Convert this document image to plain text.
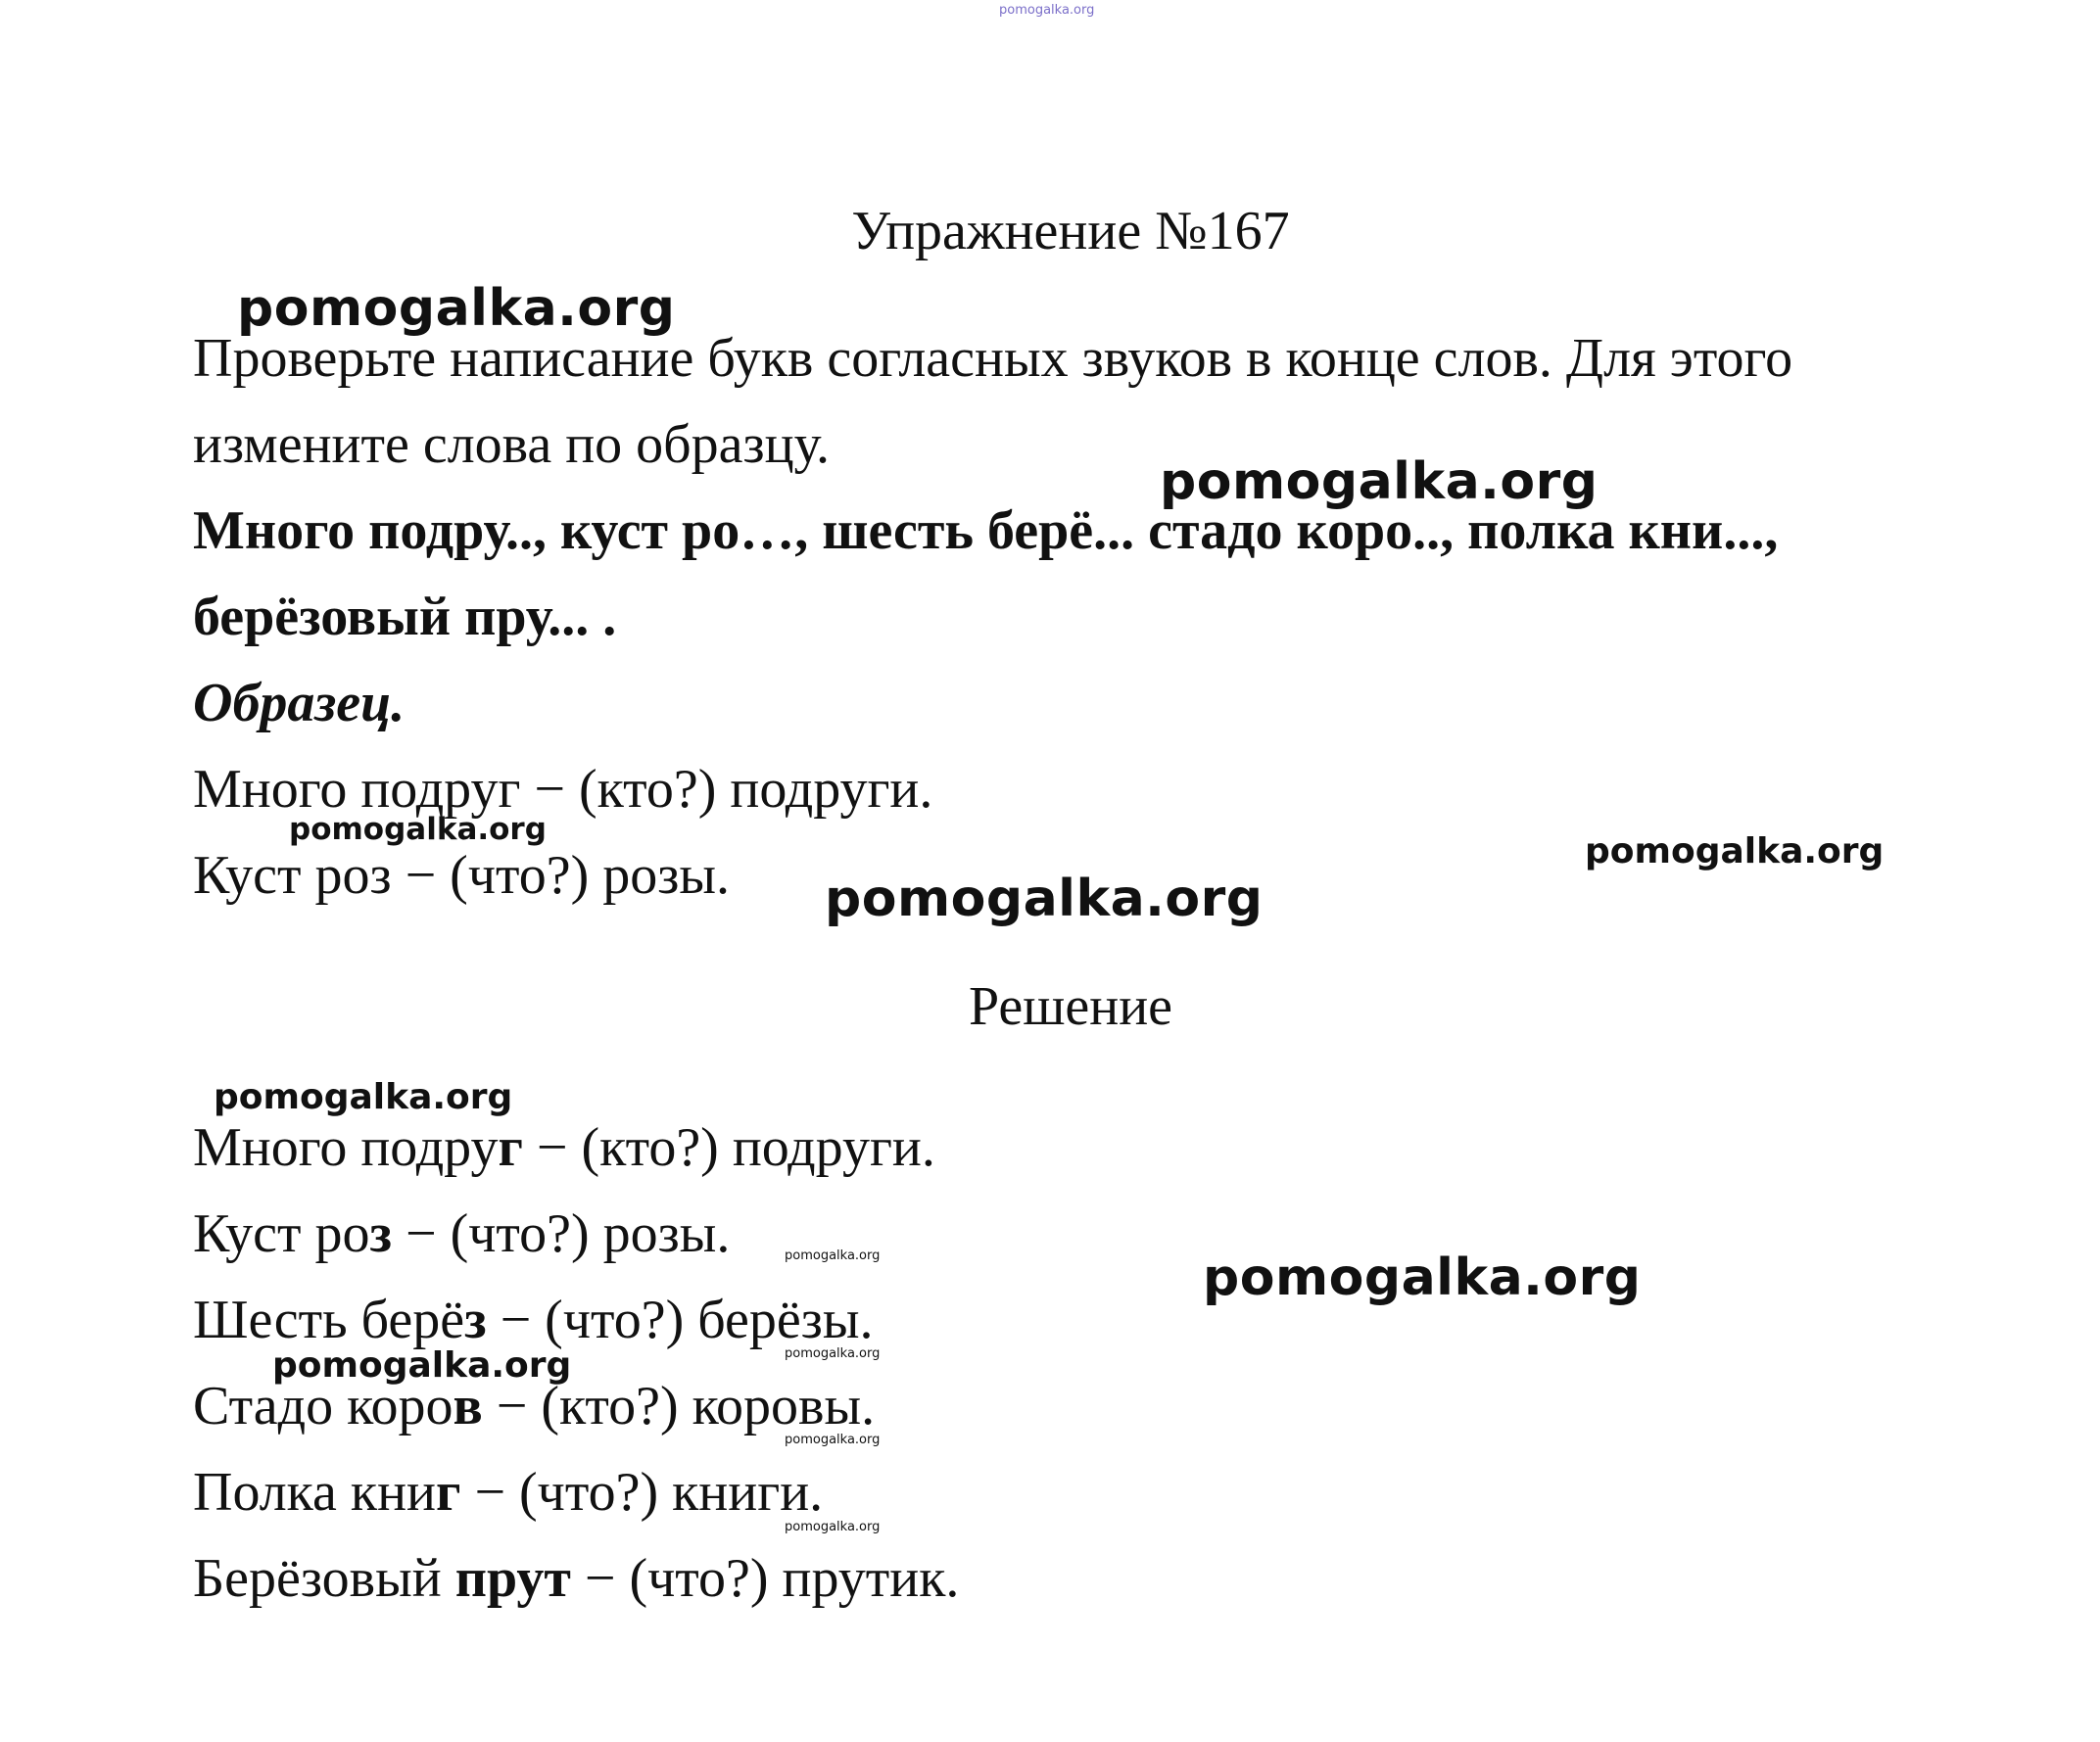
pomogalka.org
Упражнение №167
Проверьте написание букв согласных звуков в конце слов. Для этого
измените слова по образцу.
Много подру.., куст ро…, шесть берё... стадо коро.., полка кни...,
берёзовый пру... .
Образец.
Много подруг − (кто?) подруги.
Куст роз − (что?) розы.
Решение
Много подруг − (кто?) подруги.
Куст роз − (что?) розы.
Шесть берёз − (что?) берёзы.
Стадо коров − (кто?) коровы.
Полка книг − (что?) книги.
Берёзовый прут − (что?) прутик.
pomogalka.org
pomogalka.org
pomogalka.org
pomogalka.org
pomogalka.org
pomogalka.org
pomogalka.org	pomogalka.org
pomogalka.org
pomogalka.org
pomogalka.org
pomogalka.org
